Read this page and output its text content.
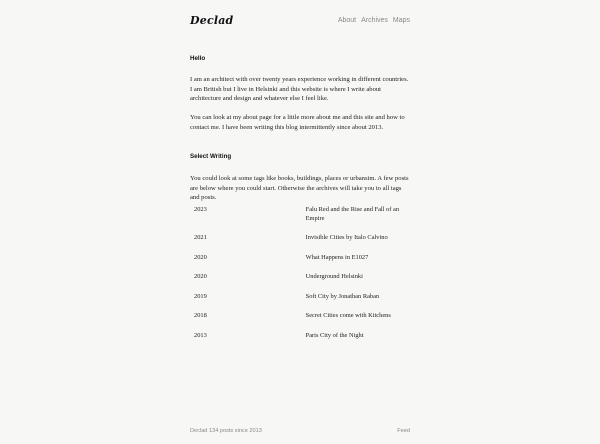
Declad	About Archives Maps
Hello

I am an architect with over twenty years experience working in different countries. I am British but I live in Helsinki and this website is where I write about architecture and design and whatever else I feel like.

You can look at my about page for a little more about me and this site and how to contact me. I have been writing this blog intermittently since about 2013.

Select Writing

You could look at some tags like books, buildings, places or urbansim. A few posts are below where you could start. Otherwise the archives will take you to all tags and posts.

2023	Falu Red and the Rise and Fall of an Empire
2021	Invisible Cities by Italo Calvino
2020	What Happens in E1027
2020	Underground Helsinki
2019	Soft City by Jonathan Raban
2018	Secret Cities come with Kitchens
2013	Paris City of the Night
Declad 134 posts since 2013	Feed
